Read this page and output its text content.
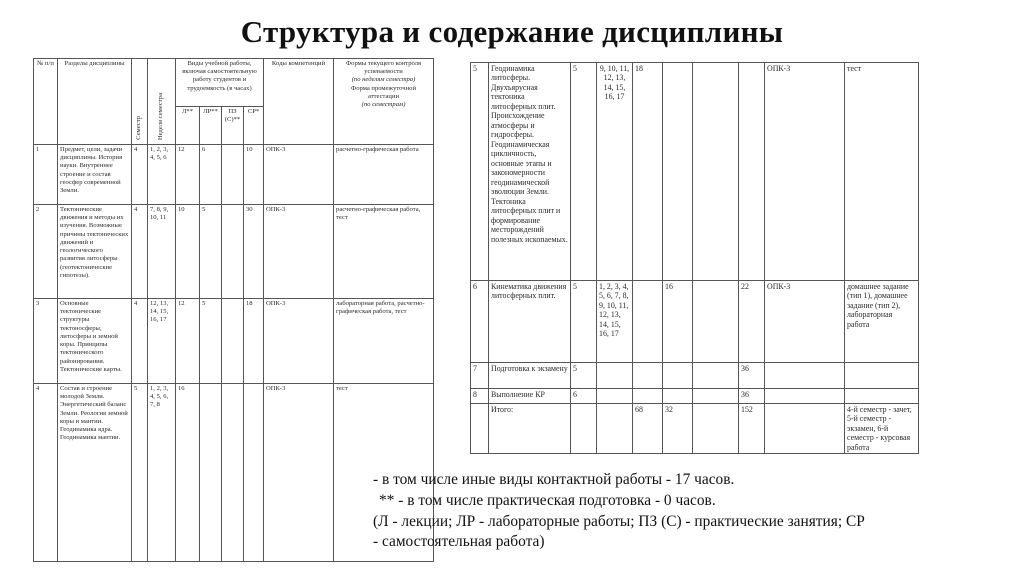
Структура и содержание дисциплины
№ п/п	Разделы дисциплины	Семестр	Неделя семестра	Виды учебной работы, включая самостоятельную работу студентов и трудоемкость (в часах)				Коды компетенций	Формы текущего контроля успеваемости
(по неделям семестра)
Форма промежуточной аттестации
(по семестрам)

				Л**	ЛР**	ПЗ (С)**	СР*		
1	Предмет, цели, задачи дисциплины. История науки. Внутреннее строение и состав геосфер современной Земли.	4	1, 2, 3, 4, 5, 6	12	6		10	ОПК-3	расчетно-графическая работа
2	Тектонические движения и методы их изучения. Возможные причины тектонических движений и геологического развития литосферы (геотектонические гипотезы).	4	7, 8, 9, 10, 11	10	5		30	ОПК-3	расчетно-графическая работа, тест
3	Основные тектонические структуры тектоносферы, литосферы и земной коры. Принципы тектонического районирования. Тектонические карты.	4	12, 13, 14, 15, 16, 17	12	5		18	ОПК-3	лабораторная работа, расчетно-графическая работа, тест
4	Состав и строение молодой Земли. Энергетический баланс Земли. Реология земной коры и мантии. Геодинамика ядра. Геодинамика мантии.	5	1, 2, 3, 4, 5, 6, 7, 8	16				ОПК-3	тест
5	Геодинамика литосферы. Двухъярусная тектоника литосферных плит. Происхождение атмосферы и гидросферы. Геодинамическая цикличность, основные этапы и закономерности геодинамической эволюции Земли. Тектоника литосферных плит и формирование месторождений полезных ископаемых.	5	9, 10, 11, 12, 13, 14, 15, 16, 17	18				ОПК-3	тест
6	Кинематика движения литосферных плит.	5	1, 2, 3, 4, 5, 6, 7, 8, 9, 10, 11, 12, 13, 14, 15, 16, 17		16		22	ОПК-3	домашнее задание (тип 1), домашнее задание (тип 2), лабораторная работа
7	Подготовка к экзамену	5					36		
8	Выполнение КР	6					36		
	Итого:			68	32		152		4-й семестр - зачет, 5-й семестр - экзамен, 6-й семестр - курсовая работа
- в том числе иные виды контактной работы - 17 часов.
** - в том числе практическая подготовка - 0 часов.
(Л - лекции; ЛР - лабораторные работы; ПЗ (С) - практические занятия; СР
- самостоятельная работа)
